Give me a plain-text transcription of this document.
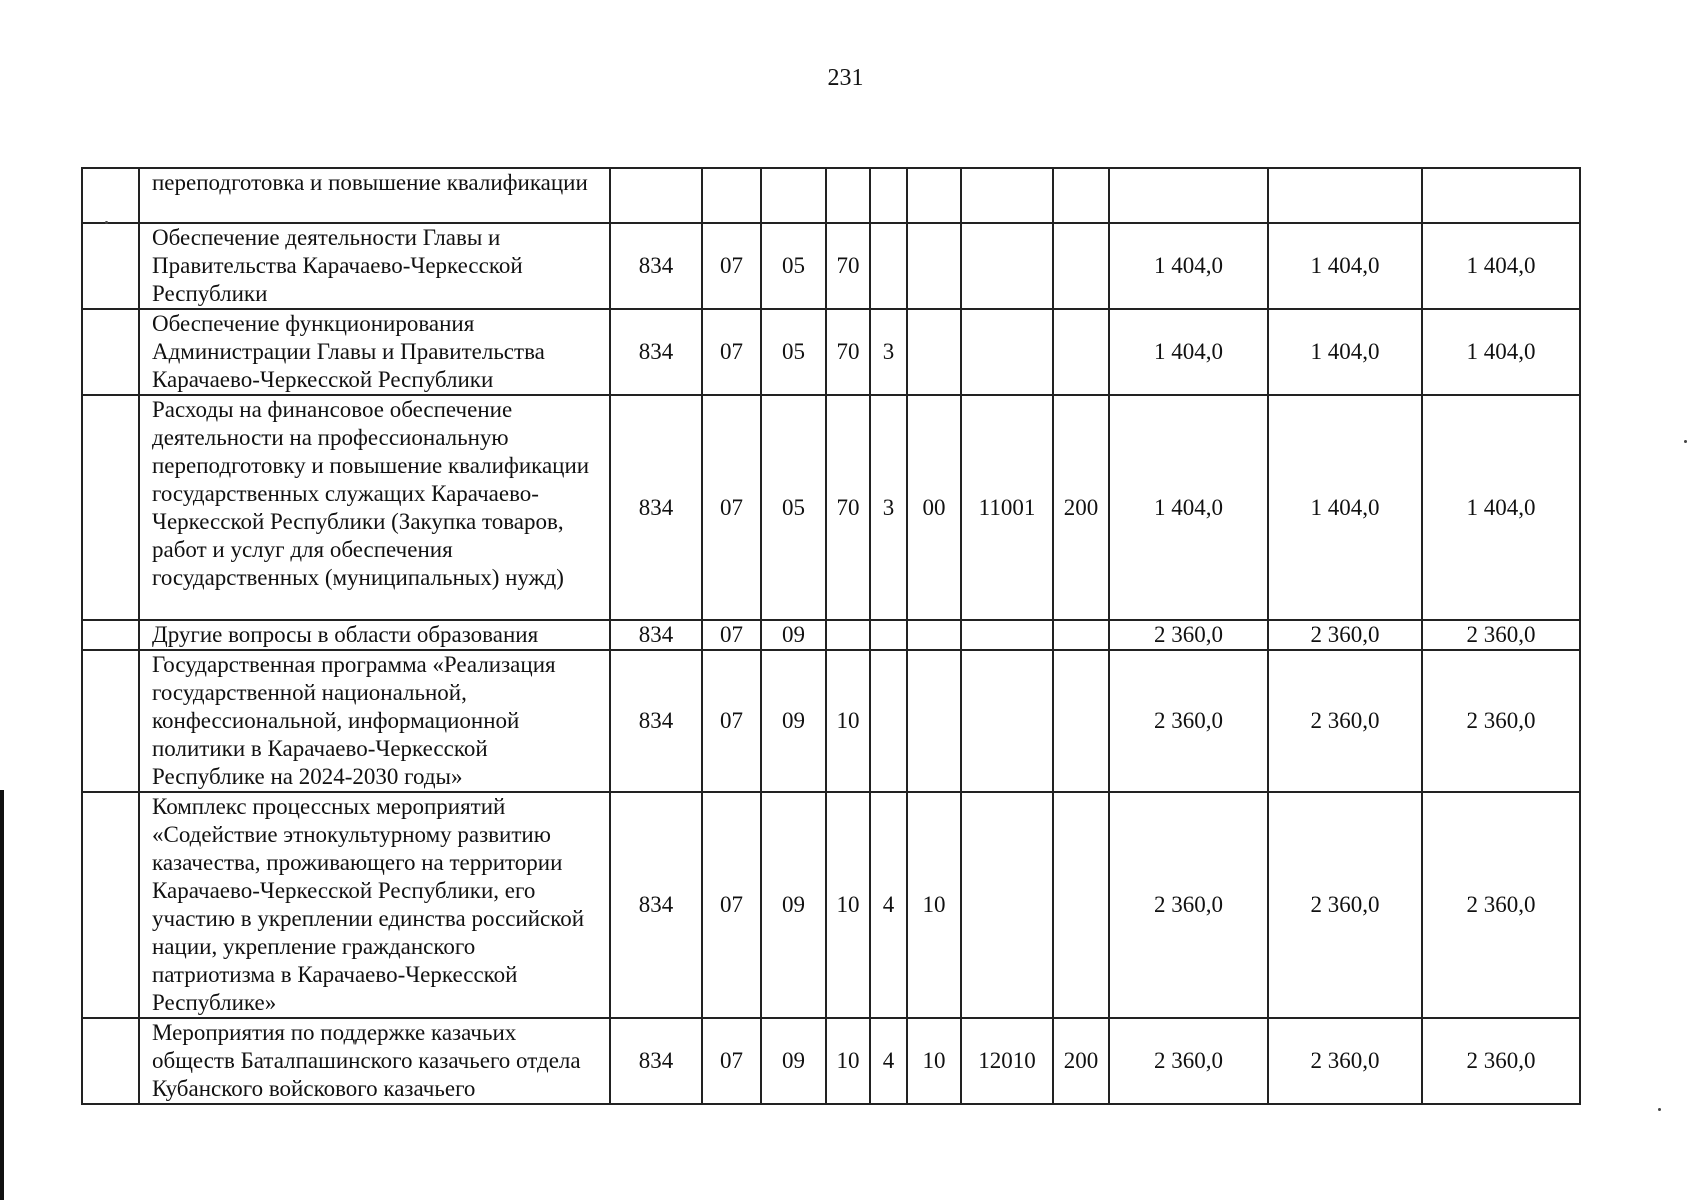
231
	переподготовка и повышение квалификации											
	Обеспечение деятельности Главы и Правительства Карачаево-Черкесской Республики	834	07	05	70					1 404,0	1 404,0	1 404,0
	Обеспечение функционирования Администрации Главы и Правительства Карачаево-Черкесской Республики	834	07	05	70	3				1 404,0	1 404,0	1 404,0
	Расходы на финансовое обеспечение деятельности на профессиональную переподготовку и повышение квалификации государственных служащих Карачаево-Черкесской Республики (Закупка товаров, работ и услуг для обеспечения государственных (муниципальных) нужд)	834	07	05	70	3	00	11001	200	1 404,0	1 404,0	1 404,0
	Другие вопросы в области образования	834	07	09						2 360,0	2 360,0	2 360,0
	Государственная программа «Реализация государственной национальной, конфессиональной, информационной политики в Карачаево-Черкесской Республике на 2024-2030 годы»	834	07	09	10					2 360,0	2 360,0	2 360,0
	Комплекс процессных мероприятий «Содействие этнокультурному развитию казачества, проживающего на территории Карачаево-Черкесской Республики, его участию в укреплении единства российской нации, укрепление гражданского патриотизма в Карачаево-Черкесской Республике»	834	07	09	10	4	10			2 360,0	2 360,0	2 360,0
	Мероприятия по поддержке казачьих обществ Баталпашинского казачьего отдела Кубанского войскового казачьего	834	07	09	10	4	10	12010	200	2 360,0	2 360,0	2 360,0
